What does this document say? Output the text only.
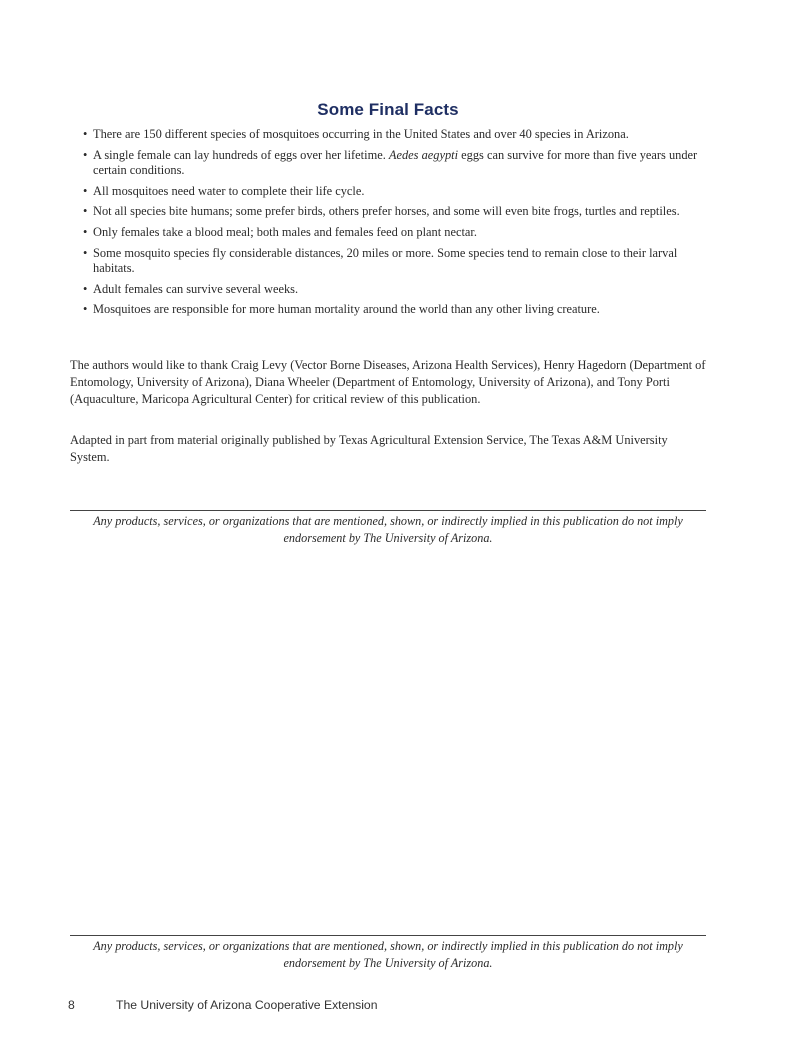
Some Final Facts
• There are 150 different species of mosquitoes occurring in the United States and over 40 species in Arizona.
• A single female can lay hundreds of eggs over her lifetime. Aedes aegypti eggs can survive for more than five years under certain conditions.
• All mosquitoes need water to complete their life cycle.
• Not all species bite humans; some prefer birds, others prefer horses, and some will even bite frogs, turtles and reptiles.
• Only females take a blood meal; both males and females feed on plant nectar.
• Some mosquito species fly considerable distances, 20 miles or more. Some species tend to remain close to their larval habitats.
• Adult females can survive several weeks.
• Mosquitoes are responsible for more human mortality around the world than any other living creature.

The authors would like to thank Craig Levy (Vector Borne Diseases, Arizona Health Services), Henry Hagedorn (Department of Entomology, University of Arizona), Diana Wheeler (Department of Entomology, University of Arizona), and Tony Porti (Aquaculture, Maricopa Agricultural Center) for critical review of this publication.

Adapted in part from material originally published by Texas Agricultural Extension Service, The Texas A&M University System.

Any products, services, or organizations that are mentioned, shown, or indirectly implied in this publication do not imply endorsement by The University of Arizona.

Any products, services, or organizations that are mentioned, shown, or indirectly implied in this publication do not imply endorsement by The University of Arizona.

8	The University of Arizona Cooperative Extension
